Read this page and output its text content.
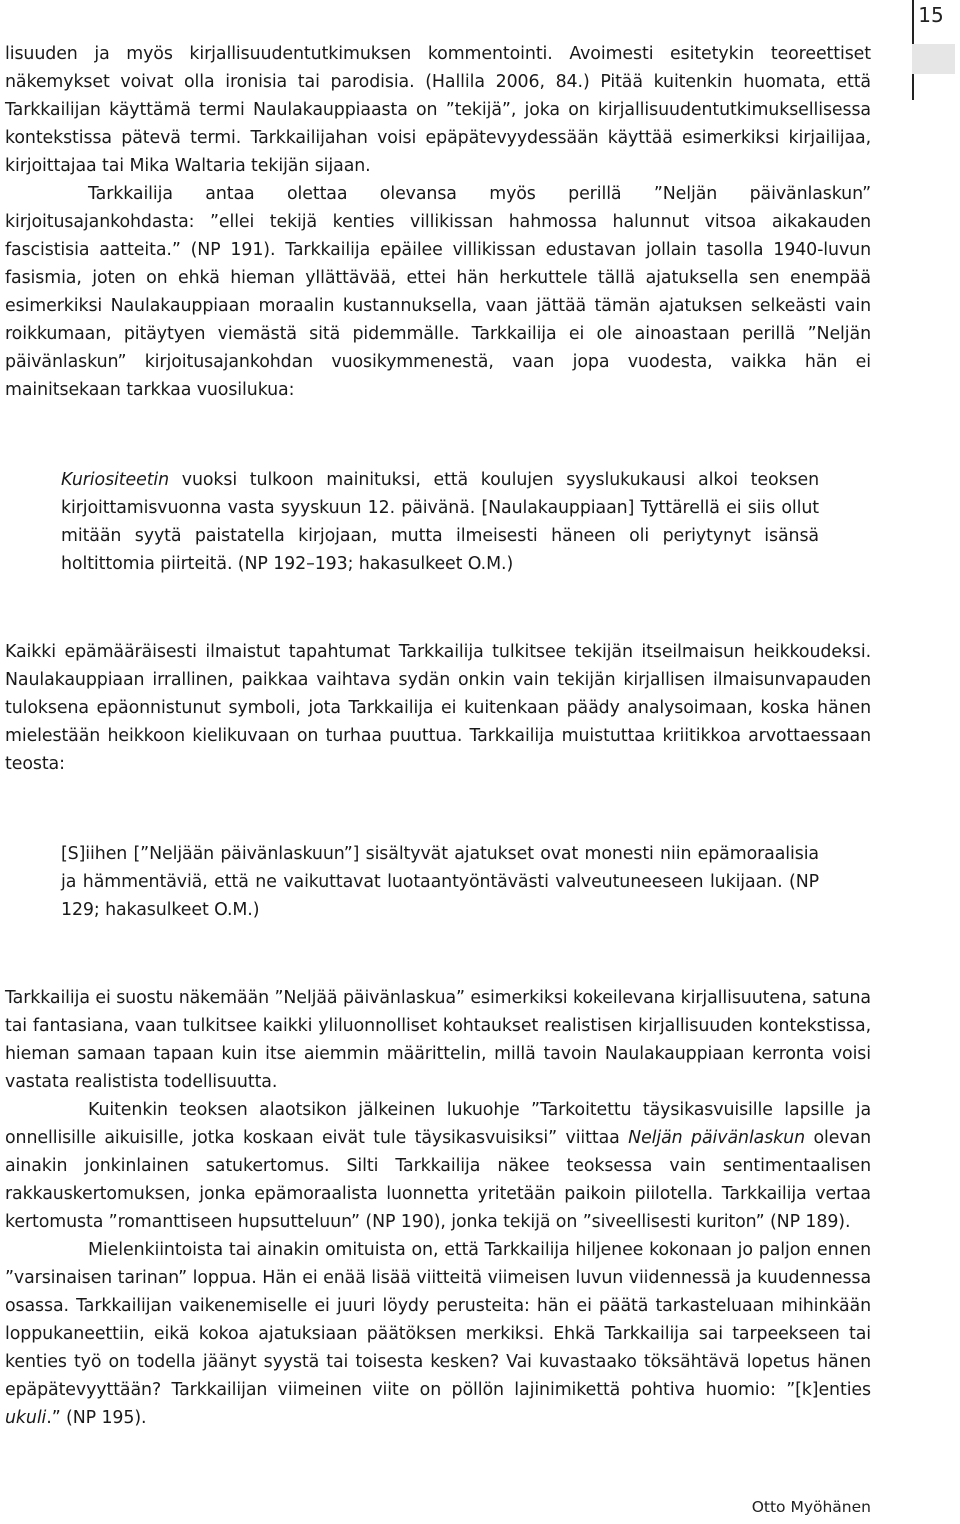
15

lisuuden ja myös kirjallisuudentutkimuksen kommentointi. Avoimesti esitetykin teoreettiset näkemykset voivat olla ironisia tai parodisia. (Hallila 2006, 84.) Pitää kuitenkin huomata, että Tarkkailijan käyttämä termi Naulakauppiaasta on ”tekijä”, joka on kirjallisuudentutkimuksellisessa kontekstissa pätevä termi. Tarkkailijahan voisi epäpätevyydessään käyttää esimerkiksi kirjailijaa, kirjoittajaa tai Mika Waltaria tekijän sijaan.

Tarkkailija antaa olettaa olevansa myös perillä ”Neljän päivänlaskun” kirjoitusajankohdasta: ”ellei tekijä kenties villikissan hahmossa halunnut vitsoa aikakauden fascistisia aatteita.” (NP 191). Tarkkailija epäilee villikissan edustavan jollain tasolla 1940-luvun fasismia, joten on ehkä hieman yllättävää, ettei hän herkuttele tällä ajatuksella sen enempää esimerkiksi Naulakauppiaan moraalin kustannuksella, vaan jättää tämän ajatuksen selkeästi vain roikkumaan, pitäytyen viemästä sitä pidemmälle. Tarkkailija ei ole ainoastaan perillä ”Neljän päivänlaskun” kirjoitusajankohdan vuosikymmenestä, vaan jopa vuodesta, vaikka hän ei mainitsekaan tarkkaa vuosilukua:

Kuriositeetin vuoksi tulkoon mainituksi, että koulujen syyslukukausi alkoi teoksen kirjoittamisvuonna vasta syyskuun 12. päivänä. [Naulakauppiaan] Tyttärellä ei siis ollut mitään syytä paistatella kirjojaan, mutta ilmeisesti häneen oli periytynyt isänsä holtittomia piirteitä. (NP 192–193; hakasulkeet O.M.)

Kaikki epämääräisesti ilmaistut tapahtumat Tarkkailija tulkitsee tekijän itseilmaisun heikkoudeksi. Naulakauppiaan irrallinen, paikkaa vaihtava sydän onkin vain tekijän kirjallisen ilmaisunvapauden tuloksena epäonnistunut symboli, jota Tarkkailija ei kuitenkaan päädy analysoimaan, koska hänen mielestään heikkoon kielikuvaan on turhaa puuttua. Tarkkailija muistuttaa kriitikkoa arvottaessaan teosta:

[S]iihen [”Neljään päivänlaskuun”] sisältyvät ajatukset ovat monesti niin epämoraalisia ja hämmentäviä, että ne vaikuttavat luotaantyöntävästi valveutuneeseen lukijaan. (NP 129; hakasulkeet O.M.)

Tarkkailija ei suostu näkemään ”Neljää päivänlaskua” esimerkiksi kokeilevana kirjallisuutena, satuna tai fantasiana, vaan tulkitsee kaikki yliluonnolliset kohtaukset realistisen kirjallisuuden kontekstissa, hieman samaan tapaan kuin itse aiemmin määrittelin, millä tavoin Naulakauppiaan kerronta voisi vastata realistista todellisuutta.

Kuitenkin teoksen alaotsikon jälkeinen lukuohje ”Tarkoitettu täysikasvuisille lapsille ja onnellisille aikuisille, jotka koskaan eivät tule täysikasvuisiksi” viittaa Neljän päivänlaskun olevan ainakin jonkinlainen satukertomus. Silti Tarkkailija näkee teoksessa vain sentimentaalisen rakkauskertomuksen, jonka epämoraalista luonnetta yritetään paikoin piilotella. Tarkkailija vertaa kertomusta ”romanttiseen hupsutteluun” (NP 190), jonka tekijä on ”siveellisesti kuriton” (NP 189).

Mielenkiintoista tai ainakin omituista on, että Tarkkailija hiljenee kokonaan jo paljon ennen ”varsinaisen tarinan” loppua. Hän ei enää lisää viitteitä viimeisen luvun viidennessä ja kuudennessa osassa. Tarkkailijan vaikenemiselle ei juuri löydy perusteita: hän ei päätä tarkasteluaan mihinkään loppukaneettiin, eikä kokoa ajatuksiaan päätöksen merkiksi. Ehkä Tarkkailija sai tarpeekseen tai kenties työ on todella jäänyt syystä tai toisesta kesken? Vai kuvastaako töksähtävä lopetus hänen epäpätevyyttään? Tarkkailijan viimeinen viite on pöllön lajinimikettä pohtiva huomio: ”[k]enties ukuli.” (NP 195).

Otto Myöhänen
